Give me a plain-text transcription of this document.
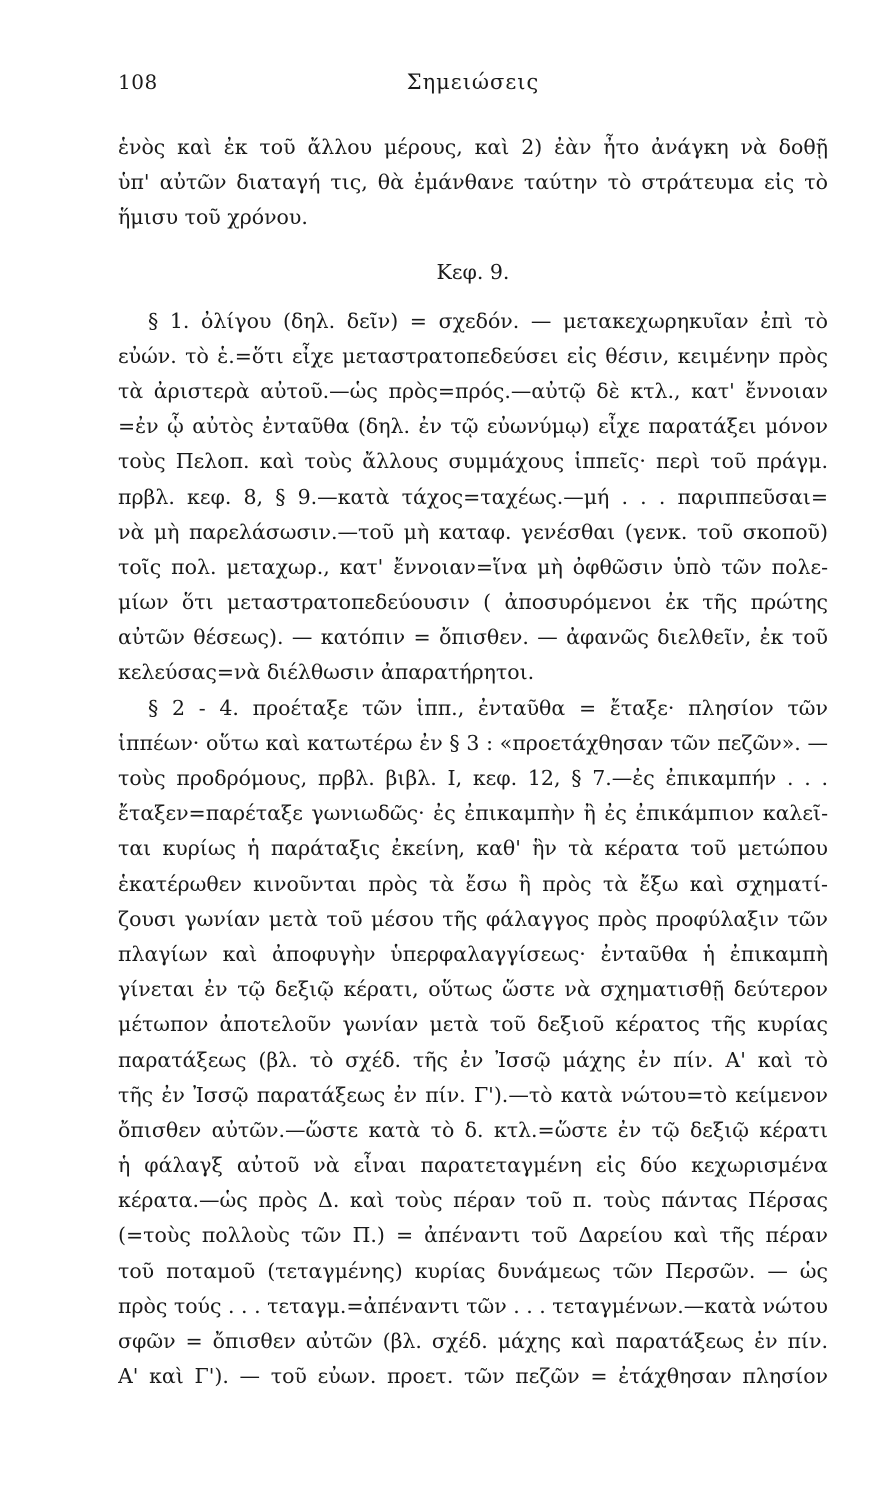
108	Σημειώσεις
ἑνὸς καὶ ἐκ τοῦ ἄλλου μέρους, καὶ 2) ἐὰν ἦτο ἀνάγκη νὰ δοθῇ
ὑπ' αὐτῶν διαταγή τις, θὰ ἐμάνθανε ταύτην τὸ στράτευμα εἰς τὸ
ἥμισυ τοῦ χρόνου.
Κεφ. 9.
§ 1. ὀλίγου (δηλ. δεῖν) = σχεδόν. — μετακεχωρηκυῖαν ἐπὶ τὸ
εὐών. τὸ ἑ.=ὅτι εἶχε μεταστρατοπεδεύσει εἰς θέσιν, κειμένην πρὸς
τὰ ἀριστερὰ αὐτοῦ.—ὡς πρὸς=πρός.—αὐτῷ δὲ κτλ., κατ' ἔννοιαν
=ἐν ᾧ αὐτὸς ἐνταῦθα (δηλ. ἐν τῷ εὐωνύμῳ) εἶχε παρατάξει μόνον
τοὺς Πελοπ. καὶ τοὺς ἄλλους συμμάχους ἱππεῖς· περὶ τοῦ πράγμ.
πρβλ. κεφ. 8, § 9.—κατὰ τάχος=ταχέως.—μή . . . παριππεῦσαι=
νὰ μὴ παρελάσωσιν.—τοῦ μὴ καταφ. γενέσθαι (γενκ. τοῦ σκοποῦ)
τοῖς πολ. μεταχωρ., κατ' ἔννοιαν=ἵνα μὴ ὀφθῶσιν ὑπὸ τῶν πολε-
μίων ὅτι μεταστρατοπεδεύουσιν ( ἀποσυρόμενοι ἐκ τῆς πρώτης
αὐτῶν θέσεως). — κατόπιν = ὄπισθεν. — ἀφανῶς διελθεῖν, ἐκ τοῦ
κελεύσας=νὰ διέλθωσιν ἀπαρατήρητοι.
§ 2 - 4. προέταξε τῶν ἱππ., ἐνταῦθα = ἔταξε· πλησίον τῶν
ἱππέων· οὕτω καὶ κατωτέρω ἐν § 3 : «προετάχθησαν τῶν πεζῶν». —
τοὺς προδρόμους, πρβλ. βιβλ. I, κεφ. 12, § 7.—ἐς ἐπικαμπήν . . .
ἔταξεν=παρέταξε γωνιωδῶς· ἐς ἐπικαμπὴν ἢ ἐς ἐπικάμπιον καλεῖ-
ται κυρίως ἡ παράταξις ἐκείνη, καθ' ἣν τὰ κέρατα τοῦ μετώπου
ἑκατέρωθεν κινοῦνται πρὸς τὰ ἔσω ἢ πρὸς τὰ ἔξω καὶ σχηματί-
ζουσι γωνίαν μετὰ τοῦ μέσου τῆς φάλαγγος πρὸς προφύλαξιν τῶν
πλαγίων καὶ ἀποφυγὴν ὑπερφαλαγγίσεως· ἐνταῦθα ἡ ἐπικαμπὴ
γίνεται ἐν τῷ δεξιῷ κέρατι, οὕτως ὥστε νὰ σχηματισθῇ δεύτερον
μέτωπον ἀποτελοῦν γωνίαν μετὰ τοῦ δεξιοῦ κέρατος τῆς κυρίας
παρατάξεως (βλ. τὸ σχέδ. τῆς ἐν Ἰσσῷ μάχης ἐν πίν. Α' καὶ τὸ
τῆς ἐν Ἰσσῷ παρατάξεως ἐν πίν. Γ').—τὸ κατὰ νώτου=τὸ κείμενον
ὄπισθεν αὐτῶν.—ὥστε κατὰ τὸ δ. κτλ.=ὥστε ἐν τῷ δεξιῷ κέρατι
ἡ φάλαγξ αὐτοῦ νὰ εἶναι παρατεταγμένη εἰς δύο κεχωρισμένα
κέρατα.—ὡς πρὸς Δ. καὶ τοὺς πέραν τοῦ π. τοὺς πάντας Πέρσας
(=τοὺς πολλοὺς τῶν Π.) = ἀπέναντι τοῦ Δαρείου καὶ τῆς πέραν
τοῦ ποταμοῦ (τεταγμένης) κυρίας δυνάμεως τῶν Περσῶν. — ὡς
πρὸς τούς . . . τεταγμ.=ἀπέναντι τῶν . . . τεταγμένων.—κατὰ νώτου
σφῶν = ὄπισθεν αὐτῶν (βλ. σχέδ. μάχης καὶ παρατάξεως ἐν πίν.
Α' καὶ Γ'). — τοῦ εὐων. προετ. τῶν πεζῶν = ἐτάχθησαν πλησίον
